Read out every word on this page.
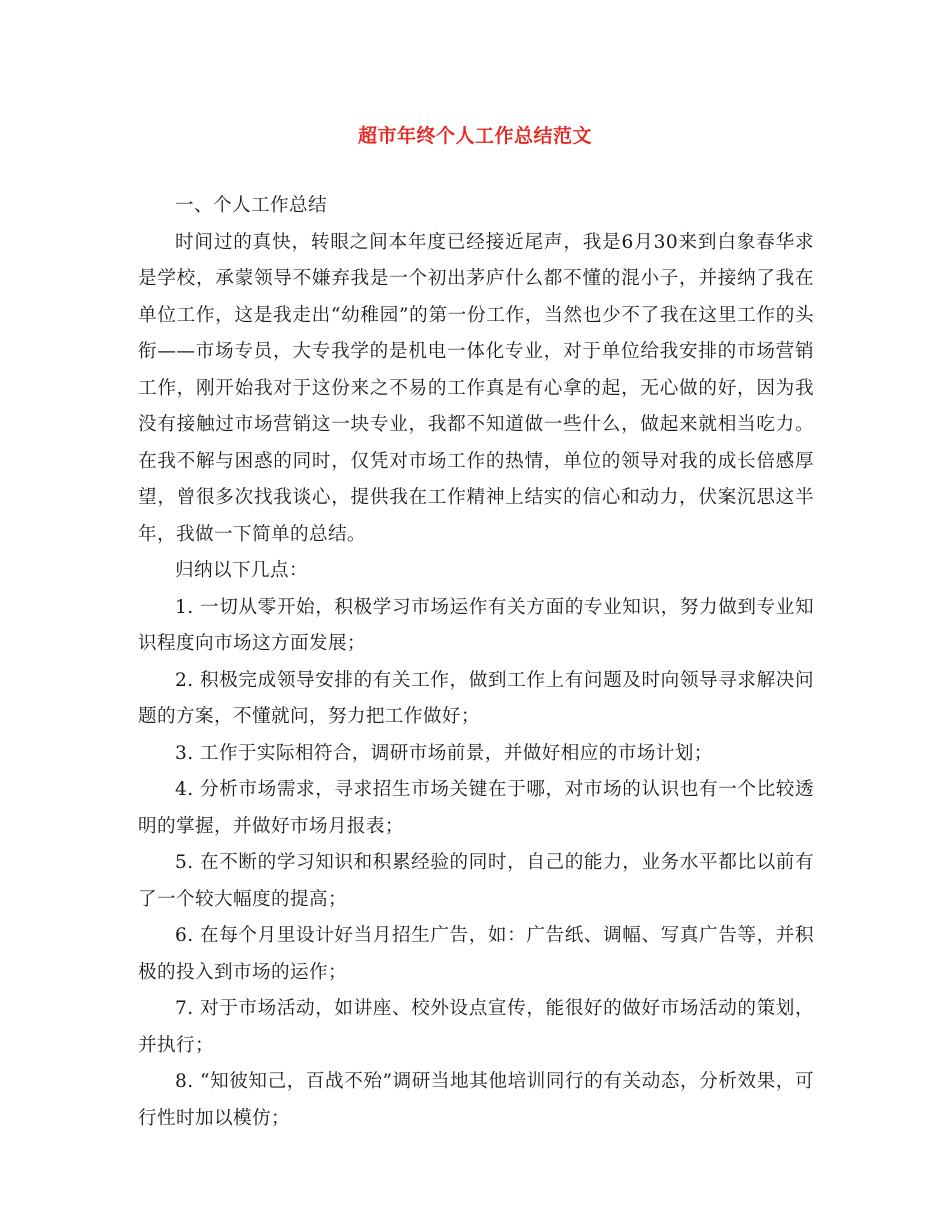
超市年终个人工作总结范文

一、个人工作总结

时间过的真快，转眼之间本年度已经接近尾声，我是6月30来到白象春华求是学校，承蒙领导不嫌弃我是一个初出茅庐什么都不懂的混小子，并接纳了我在单位工作，这是我走出“幼稚园”的第一份工作，当然也少不了我在这里工作的头衔——市场专员，大专我学的是机电一体化专业，对于单位给我安排的市场营销工作，刚开始我对于这份来之不易的工作真是有心拿的起，无心做的好，因为我没有接触过市场营销这一块专业，我都不知道做一些什么，做起来就相当吃力。在我不解与困惑的同时，仅凭对市场工作的热情，单位的领导对我的成长倍感厚望，曾很多次找我谈心，提供我在工作精神上结实的信心和动力，伏案沉思这半年，我做一下简单的总结。

归纳以下几点：

1. 一切从零开始，积极学习市场运作有关方面的专业知识，努力做到专业知识程度向市场这方面发展；

2. 积极完成领导安排的有关工作，做到工作上有问题及时向领导寻求解决问题的方案，不懂就问，努力把工作做好；

3. 工作于实际相符合，调研市场前景，并做好相应的市场计划；

4. 分析市场需求，寻求招生市场关键在于哪，对市场的认识也有一个比较透明的掌握，并做好市场月报表；

5. 在不断的学习知识和积累经验的同时，自己的能力，业务水平都比以前有了一个较大幅度的提高；

6. 在每个月里设计好当月招生广告，如：广告纸、调幅、写真广告等，并积极的投入到市场的运作；

7. 对于市场活动，如讲座、校外设点宣传，能很好的做好市场活动的策划，并执行；

8. “知彼知己，百战不殆”调研当地其他培训同行的有关动态，分析效果，可行性时加以模仿；
